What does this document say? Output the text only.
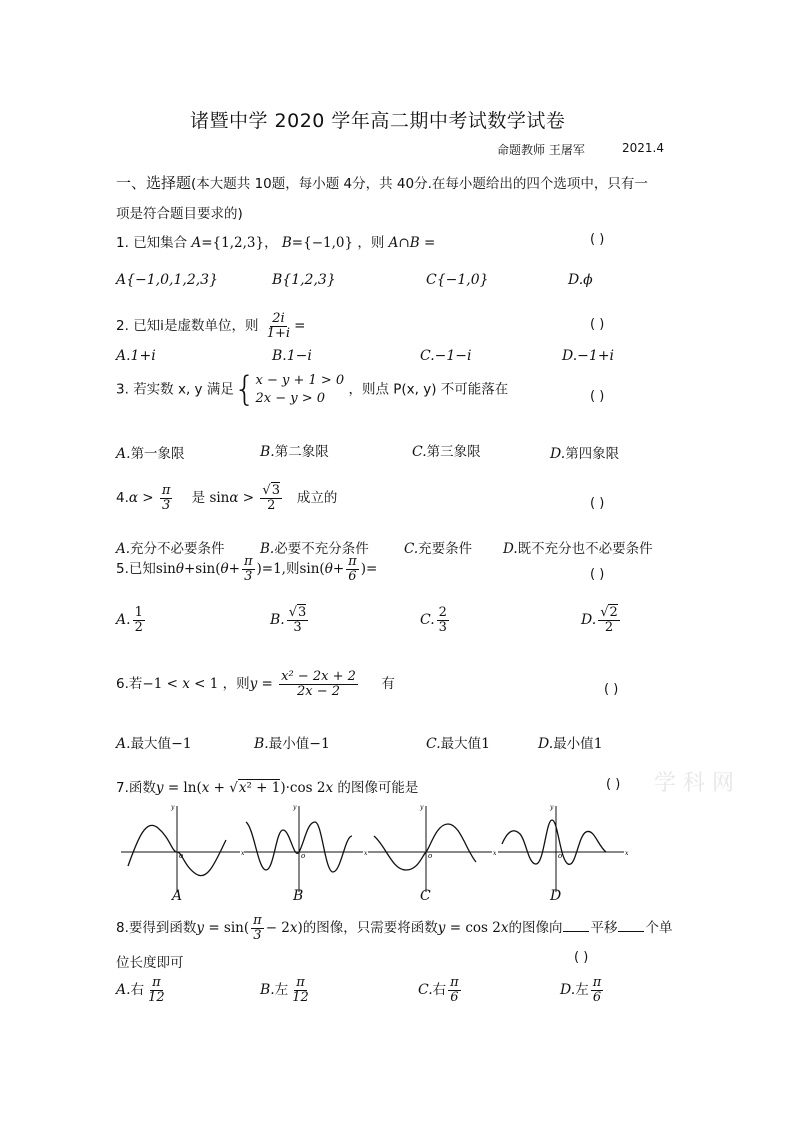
诸暨中学 2020 学年高二期中考试数学试卷
命题教师 王屠军	2021.4
一、选择题(本大题共 10题，每小题 4分，共 40分.在每小题给出的四个选项中，只有一
项是符合题目要求的)
1. 已知集合 A={1,2,3}， B={−1,0} ，则 A∩B =	( )
A{−1,0,1,2,3}	B{1,2,3}	C{−1,0}	D.ϕ
2. 已知i是虚数单位，则 $\frac{2i}{1+i}$ =	( )
A.1+i	B.1−i	C.−1−i	D.−1+i
3. 若实数 x, y 满足{ x − y + 1 > 0
2x − y > 0
，则点 P(x, y) 不可能落在	( )
A.第一象限	B.第二象限	C.第三象限	D.第四象限
$4.\alpha > \frac{\pi}{3}$ 是 $\sin\alpha > \frac{√3}{2}$ 成立的	( )
A.充分不必要条件	B.必要不充分条件	C.充要条件 D.既不充分也不必要条件
5.已知$\sin\theta+\sin(\theta+ \frac{\pi}{3} )=1$,则$\sin(\theta+ \frac{\pi}{6}$ )=	( )
A. $\frac{1}{2}$	B. $\frac{√3}{3}$	C. $\frac{2}{3}$	D. $\frac{√2}{2}$
6.若−1 < x < 1 ，则$y = \frac{\text{x² − 2x + 2}}{2x - 2}$ 有	( )
A.最大值−1	B.最小值−1	C.最大值1	D.最小值1
7.函数y = ln(x + √x² + 1)·cos 2x 的图像可能是	学 科 网
( )
o	x
y
o	x
y
o	x
y
o	x
y
A	B	C	D
8.要得到函数$y = \sin( \frac{\pi}{3} - 2x)$的图像，只需要将函数y = cos 2x的图像向 平移 个单
位长度即可	( )
A.右 $\frac{\pi}{12}$	B.左 $\frac{\pi}{12}$	C.右 $\frac{\pi}{6}$	D.左 $\frac{\pi}{6}$
